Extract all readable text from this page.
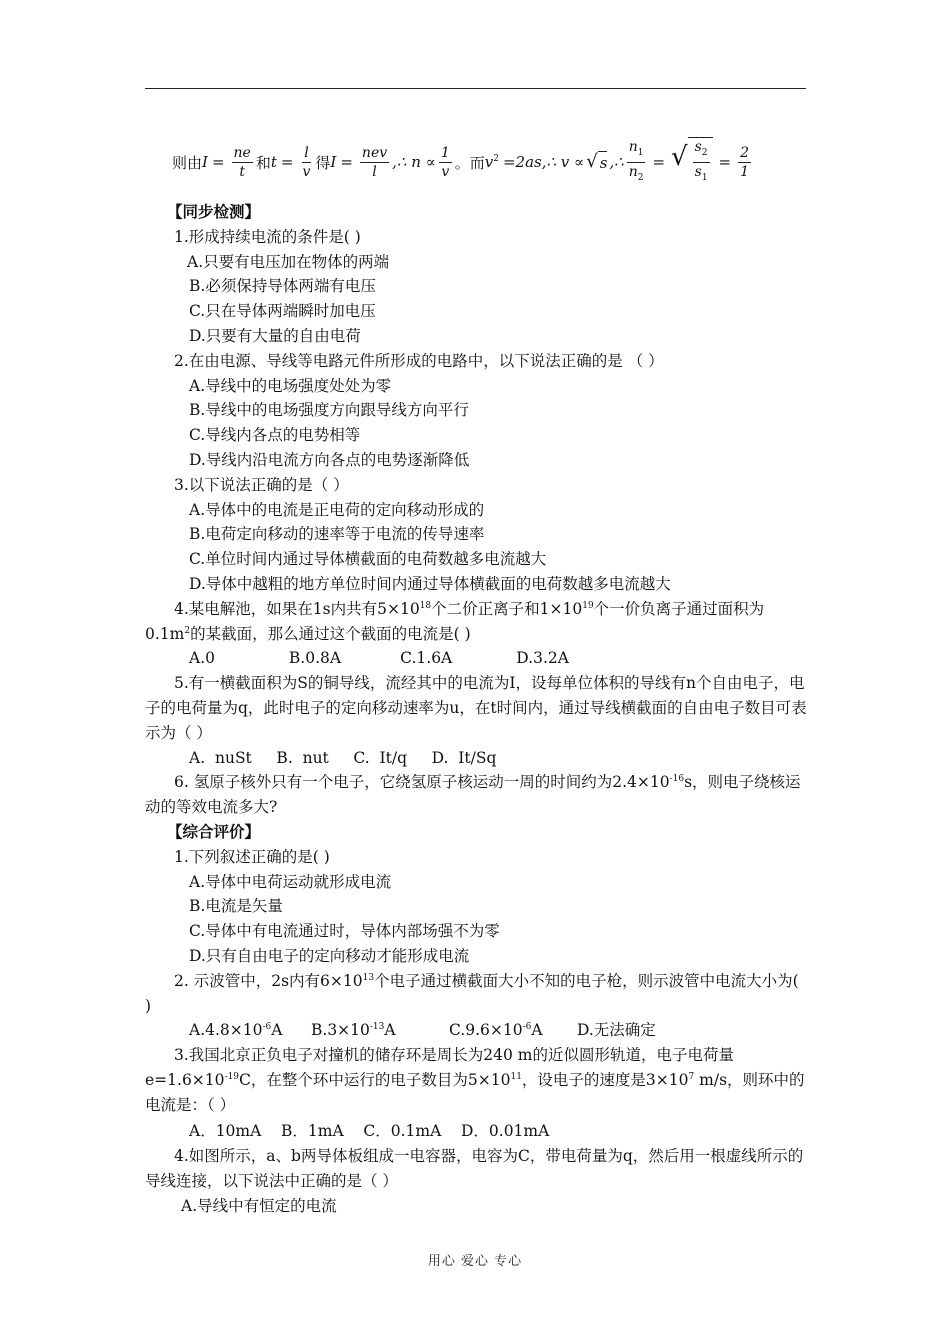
则由 $I = \frac{ne}{t}$ 和 $t = \frac{l}{v}$ 得 $I = \frac{\text{nev}}{l}$ ,∴ $n \propto \frac{1}{v}$ 。而 $v^2$ =2as,∴ v ∝ √ s ,∴ $\frac{n_1}{n_2}$ = √ $\frac{s_2}{s_1} = \frac{2}{1}$

【同步检测】

1.形成持续电流的条件是( )

A.只要有电压加在物体的两端

B.必须保持导体两端有电压

C.只在导体两端瞬时加电压

D.只要有大量的自由电荷

2.在由电源、导线等电路元件所形成的电路中，以下说法正确的是 （ ）

A.导线中的电场强度处处为零

B.导线中的电场强度方向跟导线方向平行

C.导线内各点的电势相等

D.导线内沿电流方向各点的电势逐渐降低

3.以下说法正确的是（ ）

A.导体中的电流是正电荷的定向移动形成的

B.电荷定向移动的速率等于电流的传导速率

C.单位时间内通过导体横截面的电荷数越多电流越大

D.导体中越粗的地方单位时间内通过导体横截面的电荷数越多电流越大

4.某电解池，如果在1s内共有$5\times 10^{18}$个二价正离子和$1\times 10^{19}$个一价负离子通过面积为

$0.1m^2$的某截面，那么通过这个截面的电流是( )

A.0               B.0.8A            C.1.6A             D.3.2A

5.有一横截面积为S的铜导线，流经其中的电流为I，设每单位体积的导线有n个自由电子，电子的电荷量为q，此时电子的定向移动速率为u，在t时间内，通过导线横截面的自由电子数目可表示为（ ）

A.  nuSt     B.  nut     C.  It/q     D.  It/Sq

6. 氢原子核外只有一个电子，它绕氢原子核运动一周的时间约为$2.4\times 10^{-16}s$，则电子绕核运动的等效电流多大?

【综合评价】

1.下列叙述正确的是( )

A.导体中电荷运动就形成电流

B.电流是矢量

C.导体中有电流通过时，导体内部场强不为零

D.只有自由电子的定向移动才能形成电流

2. 示波管中，2s内有$6\times 10^{13}$个电子通过横截面大小不知的电子枪，则示波管中电流大小为( )

$A.4.8\times 10^{-6}A$ $B.3\times 10^{-13}A$	$C.9.6\times 10^{-6}A$ D.无法确定

3.我国北京正负电子对撞机的储存环是周长为240 m的近似圆形轨道，电子电荷量$e=1.6\times 10^{-19}C$，在整个环中运行的电子数目为$5\times 10^{11}$，设电子的速度是$3\times 10^7$ m/s，则环中的电流是：（ ）

A．10mA    B．1mA    C．0.1mA    D．0.01mA

4.如图所示，a、b两导体板组成一电容器，电容为C，带电荷量为q，然后用一根虚线所示的导线连接，以下说法中正确的是（ ）

A.导线中有恒定的电流

用心 爱心 专心
